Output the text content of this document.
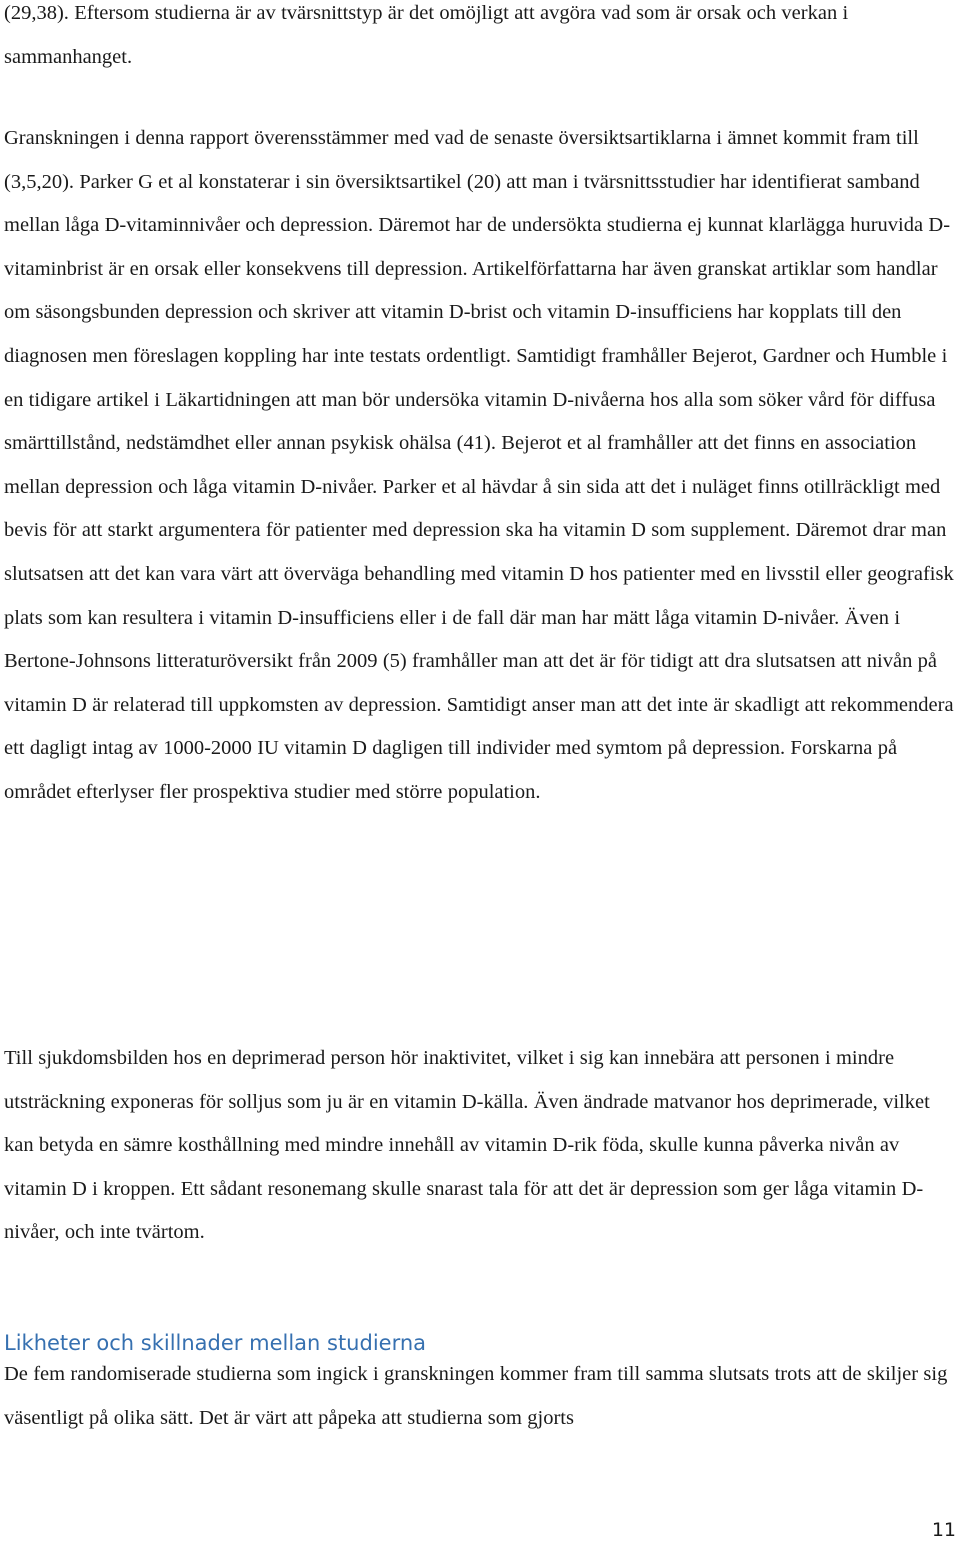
(29,38). Eftersom studierna är av tvärsnittstyp är det omöjligt att avgöra vad som är orsak och verkan i sammanhanget.

Granskningen i denna rapport överensstämmer med vad de senaste översiktsartiklarna i ämnet kommit fram till (3,5,20). Parker G et al konstaterar i sin översiktsartikel (20) att man i tvärsnittsstudier har identifierat samband mellan låga D-vitaminnivåer och depression. Däremot har de undersökta studierna ej kunnat klarlägga huruvida D-vitaminbrist är en orsak eller konsekvens till depression. Artikelförfattarna har även granskat artiklar som handlar om säsongsbunden depression och skriver att vitamin D-brist och vitamin D-insufficiens har kopplats till den diagnosen men föreslagen koppling har inte testats ordentligt. Samtidigt framhåller Bejerot, Gardner och Humble i en tidigare artikel i Läkartidningen att man bör undersöka vitamin D-nivåerna hos alla som söker vård för diffusa smärttillstånd, nedstämdhet eller annan psykisk ohälsa (41). Bejerot et al framhåller att det finns en association mellan depression och låga vitamin D-nivåer. Parker et al hävdar å sin sida att det i nuläget finns otillräckligt med bevis för att starkt argumentera för patienter med depression ska ha vitamin D som supplement. Däremot drar man slutsatsen att det kan vara värt att överväga behandling med vitamin D hos patienter med en livsstil eller geografisk plats som kan resultera i vitamin D-insufficiens eller i de fall där man har mätt låga vitamin D-nivåer. Även i Bertone-Johnsons litteraturöversikt från 2009 (5) framhåller man att det är för tidigt att dra slutsatsen att nivån på vitamin D är relaterad till uppkomsten av depression. Samtidigt anser man att det inte är skadligt att rekommendera ett dagligt intag av 1000-2000 IU vitamin D dagligen till individer med symtom på depression. Forskarna på området efterlyser fler prospektiva studier med större population.

Till sjukdomsbilden hos en deprimerad person hör inaktivitet, vilket i sig kan innebära att personen i mindre utsträckning exponeras för solljus som ju är en vitamin D-källa. Även ändrade matvanor hos deprimerade, vilket kan betyda en sämre kosthållning med mindre innehåll av vitamin D-rik föda, skulle kunna påverka nivån av vitamin D i kroppen. Ett sådant resonemang skulle snarast tala för att det är depression som ger låga vitamin D-nivåer, och inte tvärtom.

Likheter och skillnader mellan studierna

De fem randomiserade studierna som ingick i granskningen kommer fram till samma slutsats trots att de skiljer sig väsentligt på olika sätt. Det är värt att påpeka att studierna som gjorts

11
